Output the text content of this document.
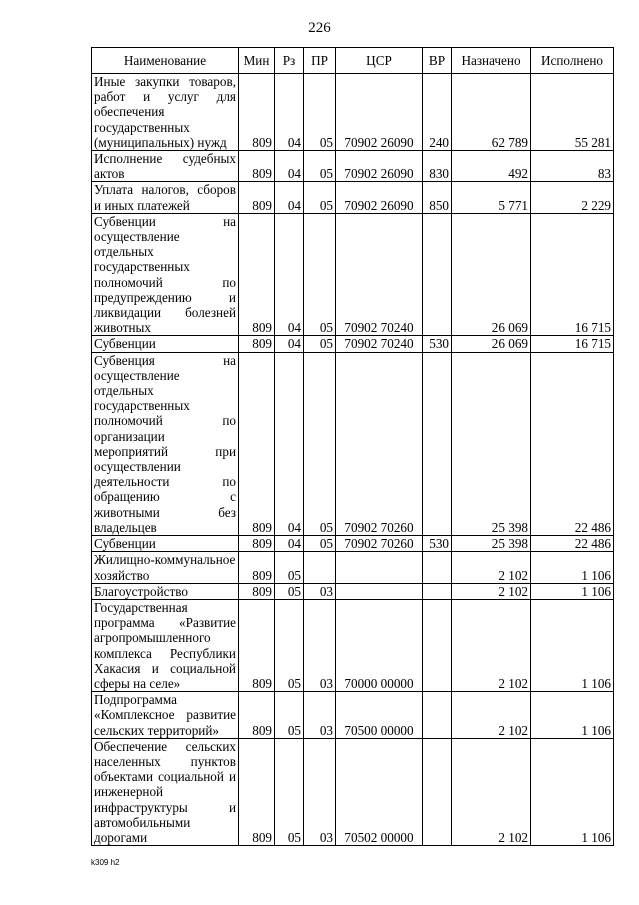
226
Наименование	Мин	Рз	ПР	ЦСР	ВР	Назначено	Исполнено
Иные закупки товаров, работ и услуг для обеспечения государственных (муниципальных) нужд	809	04	05	70902 26090	240	62 789	55 281
Исполнение судебных актов	809	04	05	70902 26090	830	492	83
Уплата налогов, сборов и иных платежей	809	04	05	70902 26090	850	5 771	2 229
Субвенции на осуществление отдельных государственных полномочий по предупреждению и ликвидации болезней животных	809	04	05	70902 70240		26 069	16 715
Субвенции	809	04	05	70902 70240	530	26 069	16 715
Субвенция на осуществление отдельных государственных полномочий по организации мероприятий при осуществлении деятельности по обращению с животными без владельцев	809	04	05	70902 70260		25 398	22 486
Субвенции	809	04	05	70902 70260	530	25 398	22 486
Жилищно-коммунальное хозяйство	809	05				2 102	1 106
Благоустройство	809	05	03			2 102	1 106
Государственная программа «Развитие агропромышленного комплекса Республики Хакасия и социальной сферы на селе»	809	05	03	70000 00000		2 102	1 106
Подпрограмма «Комплексное развитие сельских территорий»	809	05	03	70500 00000		2 102	1 106
Обеспечение сельских населенных пунктов объектами социальной и инженерной инфраструктуры и автомобильными дорогами	809	05	03	70502 00000		2 102	1 106
k309 h2
